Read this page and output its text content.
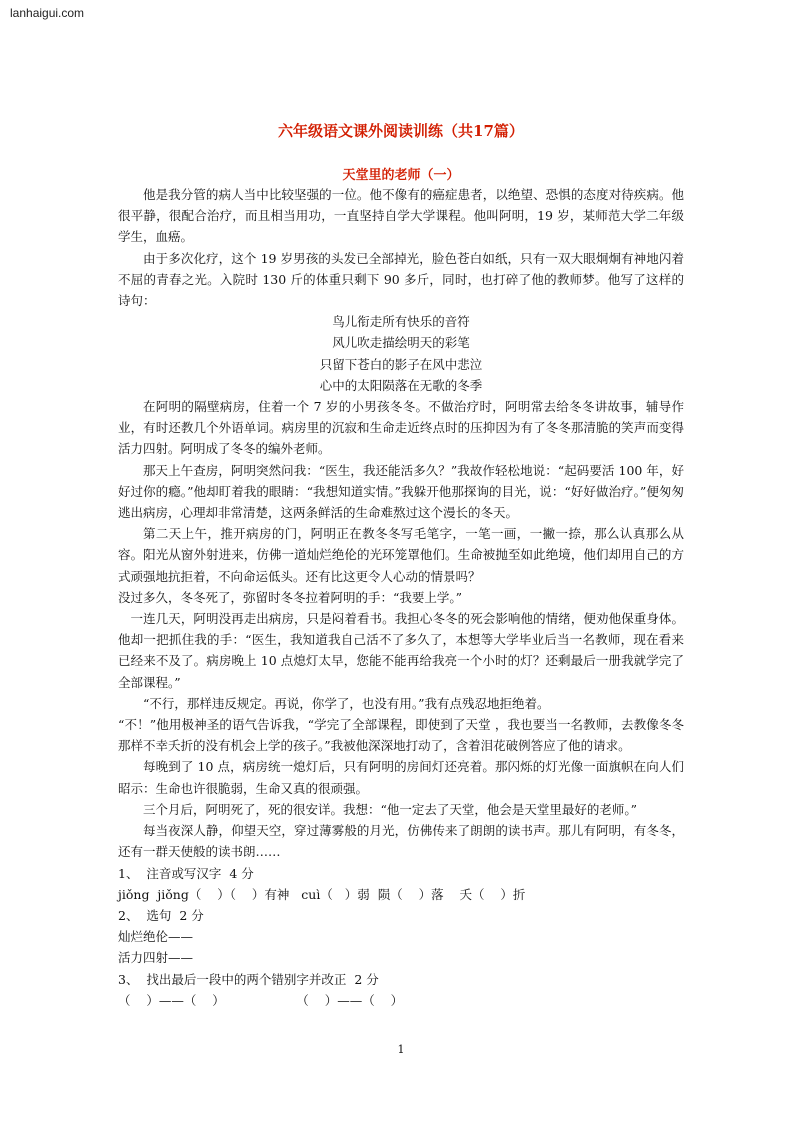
lanhaigui.com
六年级语文课外阅读训练（共17篇）
天堂里的老师（一）

他是我分管的病人当中比较坚强的一位。他不像有的癌症患者，以绝望、恐惧的态度对待疾病。他很平静，很配合治疗，而且相当用功，一直坚持自学大学课程。他叫阿明，19 岁，某师范大学二年级学生，血癌。

由于多次化疗，这个 19 岁男孩的头发已全部掉光，脸色苍白如纸，只有一双大眼炯炯有神地闪着不屈的青春之光。入院时 130 斤的体重只剩下 90 多斤，同时，也打碎了他的教师梦。他写了这样的诗句：

鸟儿衔走所有快乐的音符

风儿吹走描绘明天的彩笔

只留下苍白的影子在风中悲泣

心中的太阳陨落在无歌的冬季

在阿明的隔壁病房，住着一个 7 岁的小男孩冬冬。不做治疗时，阿明常去给冬冬讲故事，辅导作业，有时还教几个外语单词。病房里的沉寂和生命走近终点时的压抑因为有了冬冬那清脆的笑声而变得活力四射。阿明成了冬冬的编外老师。

那天上午查房，阿明突然问我：“医生，我还能活多久？”我故作轻松地说：“起码要活 100 年，好好过你的瘾。”他却盯着我的眼睛：“我想知道实情。”我躲开他那探询的目光，说：“好好做治疗。”便匆匆逃出病房，心理却非常清楚，这两条鲜活的生命难熬过这个漫长的冬天。

第二天上午，推开病房的门，阿明正在教冬冬写毛笔字，一笔一画，一撇一捺，那么认真那么从容。阳光从窗外射进来，仿佛一道灿烂绝伦的光环笼罩他们。生命被抛至如此绝境，他们却用自己的方式顽强地抗拒着，不向命运低头。还有比这更令人心动的情景吗？

没过多久，冬冬死了，弥留时冬冬拉着阿明的手：“我要上学。”

一连几天，阿明没再走出病房，只是闷着看书。我担心冬冬的死会影响他的情绪，便劝他保重身体。他却一把抓住我的手：“医生，我知道我自己活不了多久了，本想等大学毕业后当一名教师，现在看来已经来不及了。病房晚上 10 点熄灯太早，您能不能再给我亮一个小时的灯？还剩最后一册我就学完了全部课程。”

“不行，那样违反规定。再说，你学了，也没有用。”我有点残忍地拒绝着。

“不！”他用极神圣的语气告诉我，“学完了全部课程，即使到了天堂 ，我也要当一名教师，去教像冬冬那样不幸夭折的没有机会上学的孩子。”我被他深深地打动了，含着泪花破例答应了他的请求。

每晚到了 10 点，病房统一熄灯后，只有阿明的房间灯还亮着。那闪烁的灯光像一面旗帜在向人们昭示：生命也许很脆弱，生命又真的很顽强。

三个月后，阿明死了，死的很安详。我想：“他一定去了天堂，他会是天堂里最好的老师。”

每当夜深人静，仰望天空，穿过薄雾般的月光，仿佛传来了朗朗的读书声。那儿有阿明，有冬冬，还有一群天使般的读书朗……

1、  注音或写汉字  4 分

jiǒng  jiǒng（    ）（    ）有神   cuì（   ）弱  陨（    ）落    夭（    ）折

2、  选句  2 分

灿烂绝伦——

活力四射——

3、  找出最后一段中的两个错别字并改正  2 分

（    ）——（    ）                  （    ）——（    ）

1
